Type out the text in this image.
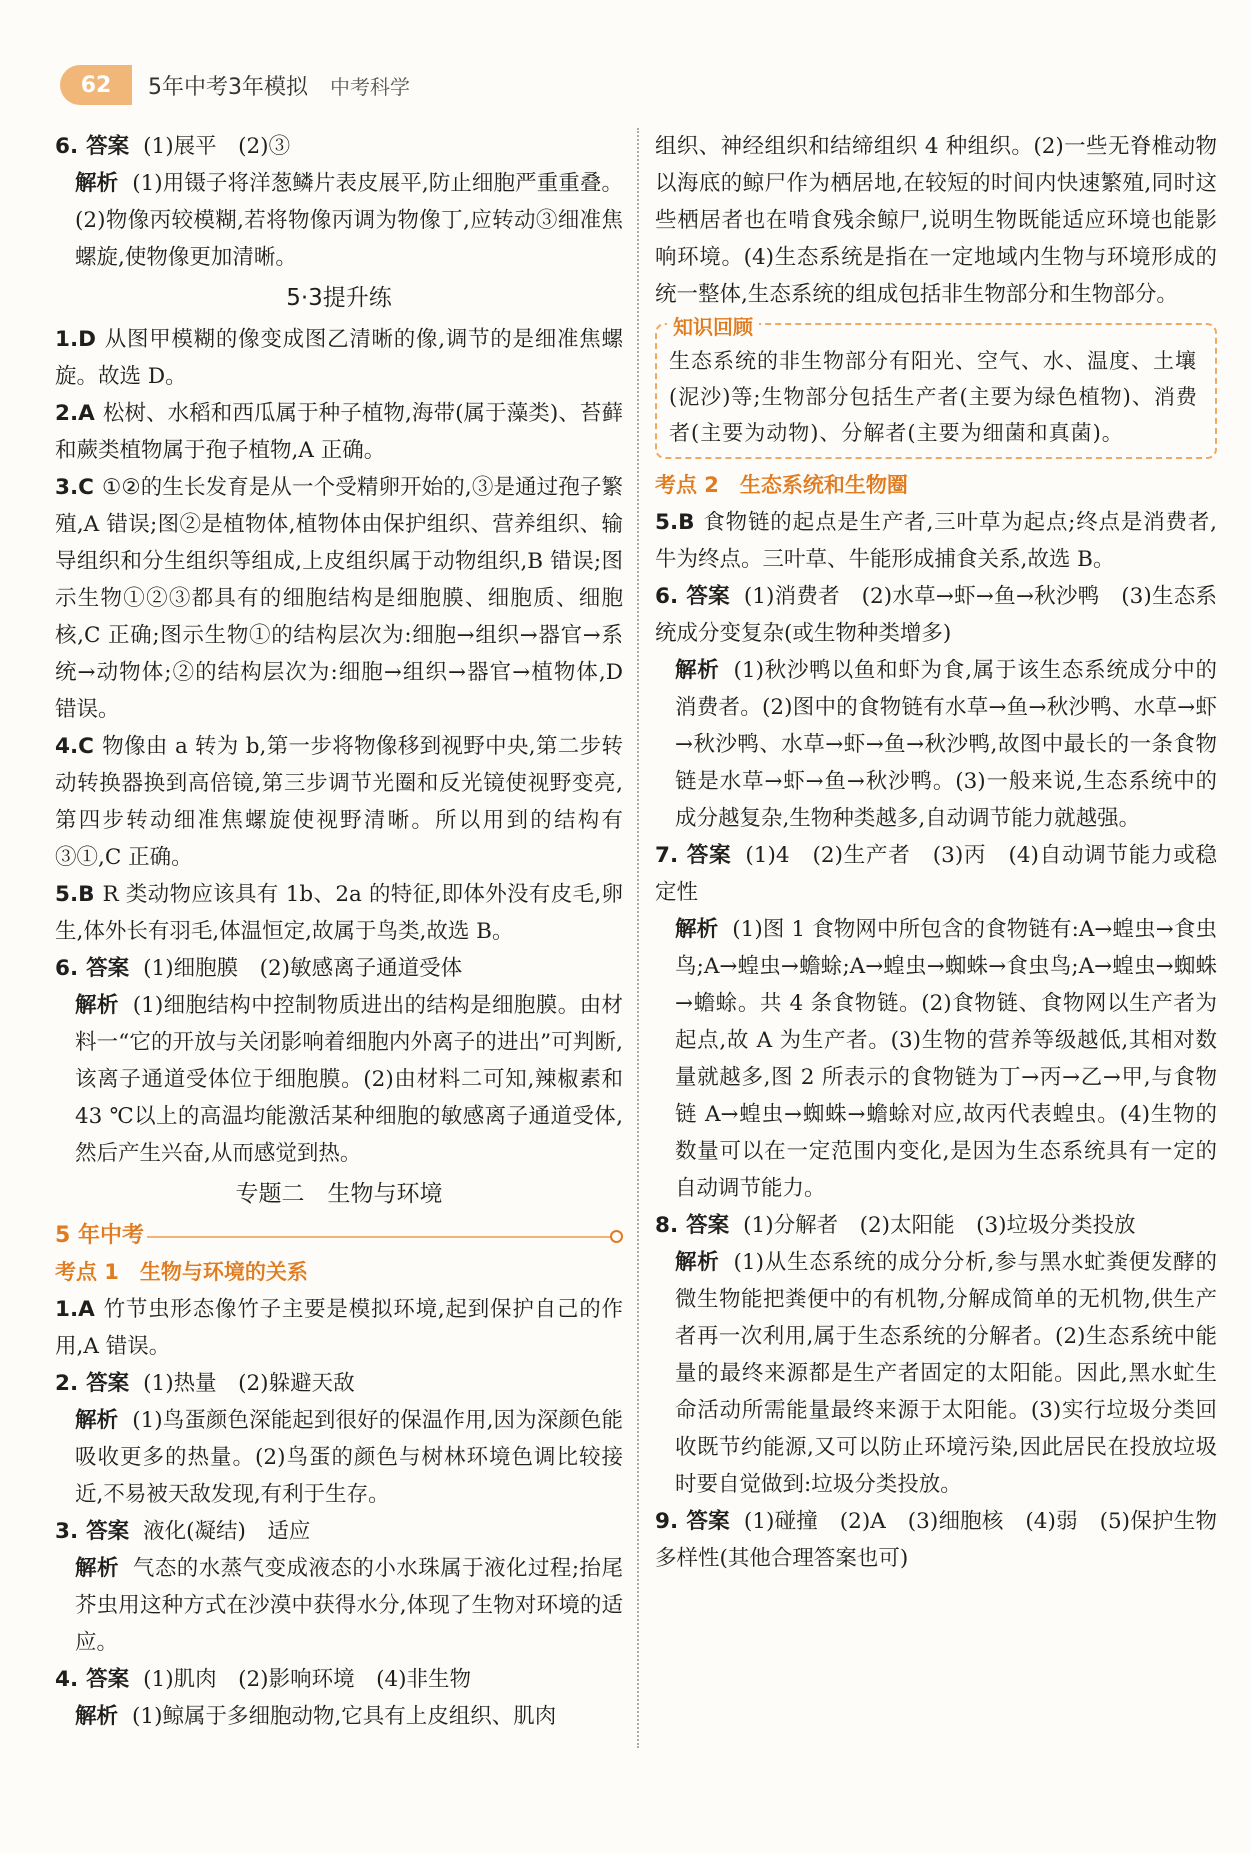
62	5年中考3年模拟 中考科学

6. 答案 (1)展平　(2)③

解析 (1)用镊子将洋葱鳞片表皮展平,防止细胞严重重叠。(2)物像丙较模糊,若将物像丙调为物像丁,应转动③细准焦螺旋,使物像更加清晰。

5·3提升练

1.D 从图甲模糊的像变成图乙清晰的像,调节的是细准焦螺旋。故选 D。

2.A 松树、水稻和西瓜属于种子植物,海带(属于藻类)、苔藓和蕨类植物属于孢子植物,A 正确。

3.C ①②的生长发育是从一个受精卵开始的,③是通过孢子繁殖,A 错误;图②是植物体,植物体由保护组织、营养组织、输导组织和分生组织等组成,上皮组织属于动物组织,B 错误;图示生物①②③都具有的细胞结构是细胞膜、细胞质、细胞核,C 正确;图示生物①的结构层次为:细胞→组织→器官→系统→动物体;②的结构层次为:细胞→组织→器官→植物体,D 错误。

4.C 物像由 a 转为 b,第一步将物像移到视野中央,第二步转动转换器换到高倍镜,第三步调节光圈和反光镜使视野变亮,第四步转动细准焦螺旋使视野清晰。所以用到的结构有③①,C 正确。

5.B R 类动物应该具有 1b、2a 的特征,即体外没有皮毛,卵生,体外长有羽毛,体温恒定,故属于鸟类,故选 B。

6. 答案 (1)细胞膜　(2)敏感离子通道受体

解析 (1)细胞结构中控制物质进出的结构是细胞膜。由材料一“它的开放与关闭影响着细胞内外离子的进出”可判断,该离子通道受体位于细胞膜。(2)由材料二可知,辣椒素和 43 ℃以上的高温均能激活某种细胞的敏感离子通道受体,然后产生兴奋,从而感觉到热。

专题二　生物与环境
5 年中考
考点 1　生物与环境的关系

1.A 竹节虫形态像竹子主要是模拟环境,起到保护自己的作用,A 错误。

2. 答案 (1)热量　(2)躲避天敌

解析 (1)鸟蛋颜色深能起到很好的保温作用,因为深颜色能吸收更多的热量。(2)鸟蛋的颜色与树林环境色调比较接近,不易被天敌发现,有利于生存。

3. 答案 液化(凝结)　适应

解析 气态的水蒸气变成液态的小水珠属于液化过程;抬尾芥虫用这种方式在沙漠中获得水分,体现了生物对环境的适应。

4. 答案 (1)肌肉　(2)影响环境　(4)非生物

解析 (1)鲸属于多细胞动物,它具有上皮组织、肌肉

组织、神经组织和结缔组织 4 种组织。(2)一些无脊椎动物以海底的鲸尸作为栖居地,在较短的时间内快速繁殖,同时这些栖居者也在啃食残余鲸尸,说明生物既能适应环境也能影响环境。(4)生态系统是指在一定地域内生物与环境形成的统一整体,生态系统的组成包括非生物部分和生物部分。

知识回顾
生态系统的非生物部分有阳光、空气、水、温度、土壤(泥沙)等;生物部分包括生产者(主要为绿色植物)、消费者(主要为动物)、分解者(主要为细菌和真菌)。
考点 2　生态系统和生物圈

5.B 食物链的起点是生产者,三叶草为起点;终点是消费者,牛为终点。三叶草、牛能形成捕食关系,故选 B。

6. 答案 (1)消费者　(2)水草→虾→鱼→秋沙鸭　(3)生态系统成分变复杂(或生物种类增多)

解析 (1)秋沙鸭以鱼和虾为食,属于该生态系统成分中的消费者。(2)图中的食物链有水草→鱼→秋沙鸭、水草→虾→秋沙鸭、水草→虾→鱼→秋沙鸭,故图中最长的一条食物链是水草→虾→鱼→秋沙鸭。(3)一般来说,生态系统中的成分越复杂,生物种类越多,自动调节能力就越强。

7. 答案 (1)4　(2)生产者　(3)丙　(4)自动调节能力或稳定性

解析 (1)图 1 食物网中所包含的食物链有:A→蝗虫→食虫鸟;A→蝗虫→蟾蜍;A→蝗虫→蜘蛛→食虫鸟;A→蝗虫→蜘蛛→蟾蜍。共 4 条食物链。(2)食物链、食物网以生产者为起点,故 A 为生产者。(3)生物的营养等级越低,其相对数量就越多,图 2 所表示的食物链为丁→丙→乙→甲,与食物链 A→蝗虫→蜘蛛→蟾蜍对应,故丙代表蝗虫。(4)生物的数量可以在一定范围内变化,是因为生态系统具有一定的自动调节能力。

8. 答案 (1)分解者　(2)太阳能　(3)垃圾分类投放

解析 (1)从生态系统的成分分析,参与黑水虻粪便发酵的微生物能把粪便中的有机物,分解成简单的无机物,供生产者再一次利用,属于生态系统的分解者。(2)生态系统中能量的最终来源都是生产者固定的太阳能。因此,黑水虻生命活动所需能量最终来源于太阳能。(3)实行垃圾分类回收既节约能源,又可以防止环境污染,因此居民在投放垃圾时要自觉做到:垃圾分类投放。

9. 答案 (1)碰撞　(2)A　(3)细胞核　(4)弱　(5)保护生物多样性(其他合理答案也可)
